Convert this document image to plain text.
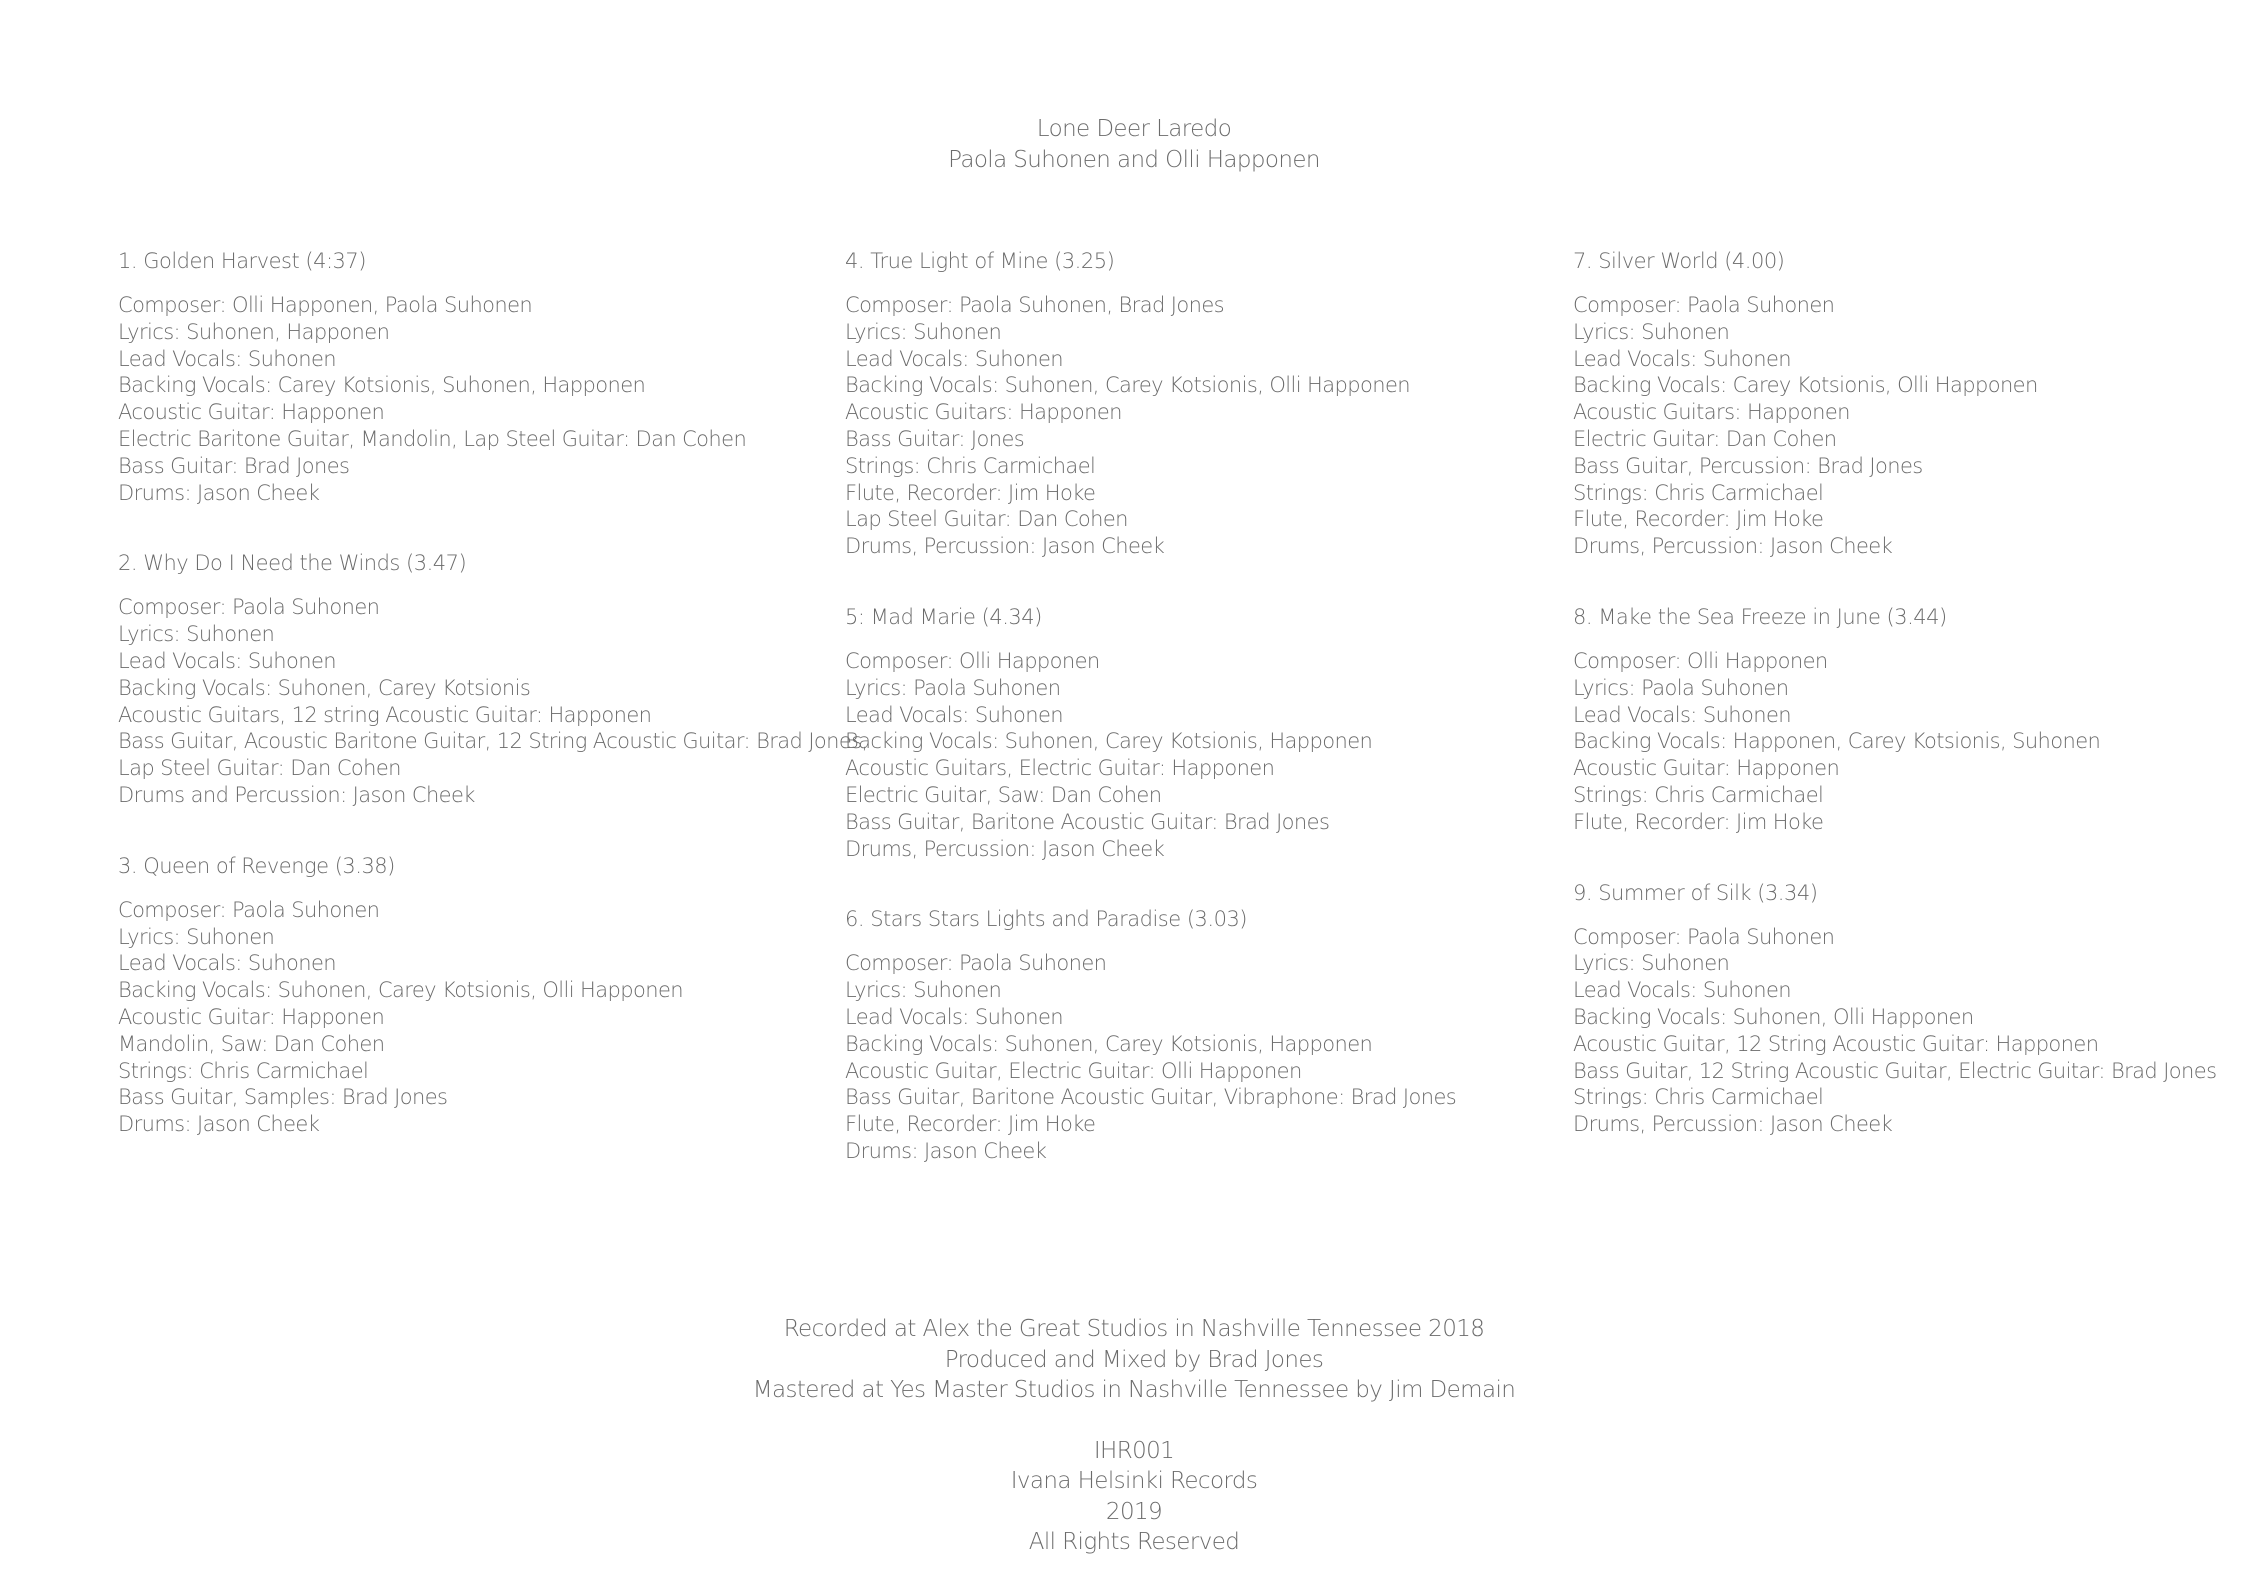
Lone Deer Laredo
Paola Suhonen and Olli Happonen
1. Golden Harvest (4:37)
Composer: Olli Happonen, Paola Suhonen
Lyrics: Suhonen, Happonen
Lead Vocals: Suhonen
Backing Vocals: Carey Kotsionis, Suhonen, Happonen
Acoustic Guitar: Happonen
Electric Baritone Guitar, Mandolin, Lap Steel Guitar: Dan Cohen
Bass Guitar: Brad Jones
Drums: Jason Cheek
2. Why Do I Need the Winds (3.47)
Composer: Paola Suhonen
Lyrics: Suhonen
Lead Vocals: Suhonen
Backing Vocals: Suhonen, Carey Kotsionis
Acoustic Guitars, 12 string Acoustic Guitar: Happonen
Bass Guitar, Acoustic Baritone Guitar, 12 String Acoustic Guitar: Brad Jones,
Lap Steel Guitar: Dan Cohen
Drums and Percussion: Jason Cheek
3. Queen of Revenge (3.38)
Composer: Paola Suhonen
Lyrics: Suhonen
Lead Vocals: Suhonen
Backing Vocals: Suhonen, Carey Kotsionis, Olli Happonen
Acoustic Guitar: Happonen
Mandolin, Saw: Dan Cohen
Strings: Chris Carmichael
Bass Guitar, Samples: Brad Jones
Drums: Jason Cheek
4. True Light of Mine (3.25)
Composer: Paola Suhonen, Brad Jones
Lyrics: Suhonen
Lead Vocals: Suhonen
Backing Vocals: Suhonen, Carey Kotsionis, Olli Happonen
Acoustic Guitars: Happonen
Bass Guitar: Jones
Strings: Chris Carmichael
Flute, Recorder: Jim Hoke
Lap Steel Guitar: Dan Cohen
Drums, Percussion: Jason Cheek
5: Mad Marie (4.34)
Composer: Olli Happonen
Lyrics: Paola Suhonen
Lead Vocals: Suhonen
Backing Vocals: Suhonen, Carey Kotsionis, Happonen
Acoustic Guitars, Electric Guitar: Happonen
Electric Guitar, Saw: Dan Cohen
Bass Guitar, Baritone Acoustic Guitar: Brad Jones
Drums, Percussion: Jason Cheek
6. Stars Stars Lights and Paradise (3.03)
Composer: Paola Suhonen
Lyrics: Suhonen
Lead Vocals: Suhonen
Backing Vocals: Suhonen, Carey Kotsionis, Happonen
Acoustic Guitar, Electric Guitar: Olli Happonen
Bass Guitar, Baritone Acoustic Guitar, Vibraphone: Brad Jones
Flute, Recorder: Jim Hoke
Drums: Jason Cheek
7. Silver World (4.00)
Composer: Paola Suhonen
Lyrics: Suhonen
Lead Vocals: Suhonen
Backing Vocals: Carey Kotsionis, Olli Happonen
Acoustic Guitars: Happonen
Electric Guitar: Dan Cohen
Bass Guitar, Percussion: Brad Jones
Strings: Chris Carmichael
Flute, Recorder: Jim Hoke
Drums, Percussion: Jason Cheek
8. Make the Sea Freeze in June (3.44)
Composer: Olli Happonen
Lyrics: Paola Suhonen
Lead Vocals: Suhonen
Backing Vocals: Happonen, Carey Kotsionis, Suhonen
Acoustic Guitar: Happonen
Strings: Chris Carmichael
Flute, Recorder: Jim Hoke
9. Summer of Silk (3.34)
Composer: Paola Suhonen
Lyrics: Suhonen
Lead Vocals: Suhonen
Backing Vocals: Suhonen, Olli Happonen
Acoustic Guitar, 12 String Acoustic Guitar: Happonen
Bass Guitar, 12 String Acoustic Guitar, Electric Guitar: Brad Jones
Strings: Chris Carmichael
Drums, Percussion: Jason Cheek
Recorded at Alex the Great Studios in Nashville Tennessee 2018
Produced and Mixed by Brad Jones
Mastered at Yes Master Studios in Nashville Tennessee by Jim Demain
IHR001
Ivana Helsinki Records
2019
All Rights Reserved
